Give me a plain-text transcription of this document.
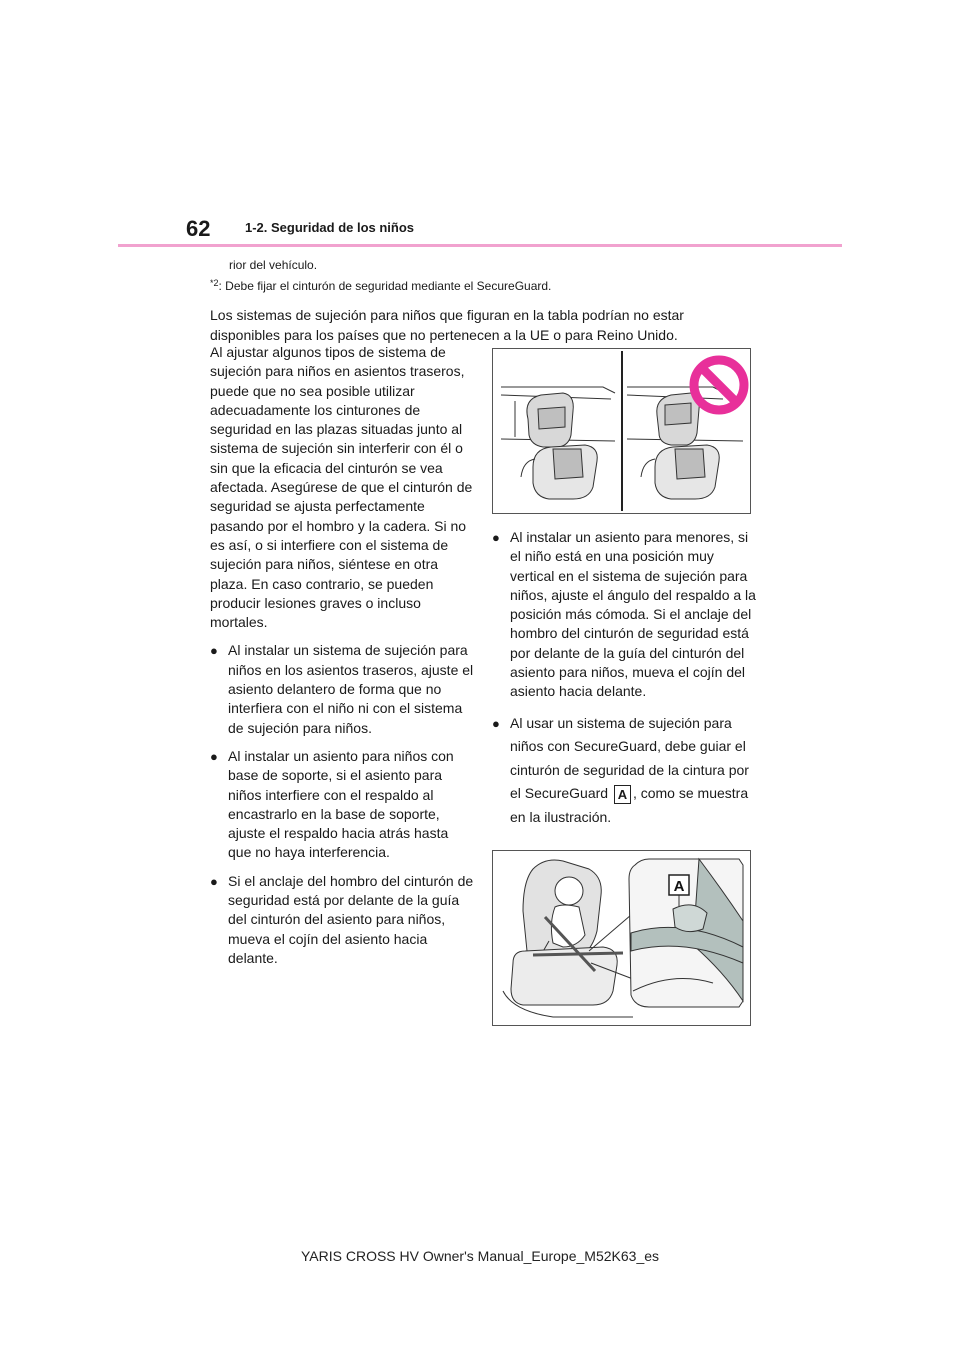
62	1-2. Seguridad de los niños
rior del vehículo.
$^{*2}$: Debe fijar el cinturón de seguridad mediante el SecureGuard.
Los sistemas de sujeción para niños que figuran en la tabla podrían no estar disponibles para los países que no pertenecen a la UE o para Reino Unido.
Al ajustar algunos tipos de sistema de sujeción para niños en asientos traseros, puede que no sea posible utilizar adecuadamente los cinturones de seguridad en las plazas situadas junto al sistema de sujeción sin interferir con él o sin que la eficacia del cinturón se vea afectada. Asegúrese de que el cinturón de seguridad se ajusta perfectamente pasando por el hombro y la cadera. Si no es así, o si interfiere con el sistema de sujeción para niños, siéntese en otra plaza. En caso contrario, se pueden producir lesiones graves o incluso mortales.
● Al instalar un sistema de sujeción para niños en los asientos traseros, ajuste el asiento delantero de forma que no interfiera con el niño ni con el sistema de sujeción para niños.
● Al instalar un asiento para niños con base de soporte, si el asiento para niños interfiere con el respaldo al encastrarlo en la base de soporte, ajuste el respaldo hacia atrás hasta que no haya interferencia.
● Si el anclaje del hombro del cinturón de seguridad está por delante de la guía del cinturón del asiento para niños, mueva el cojín del asiento hacia delante.
● Al instalar un asiento para menores, si el niño está en una posición muy vertical en el sistema de sujeción para niños, ajuste el ángulo del respaldo a la posición más cómoda. Si el anclaje del hombro del cinturón de seguridad está por delante de la guía del cinturón del asiento para niños, mueva el cojín del asiento hacia delante.
● Al usar un sistema de sujeción para niños con SecureGuard, debe guiar el cinturón de seguridad de la cintura por el SecureGuard A , como se muestra en la ilustración.
A
YARIS CROSS HV Owner's Manual_Europe_M52K63_es
